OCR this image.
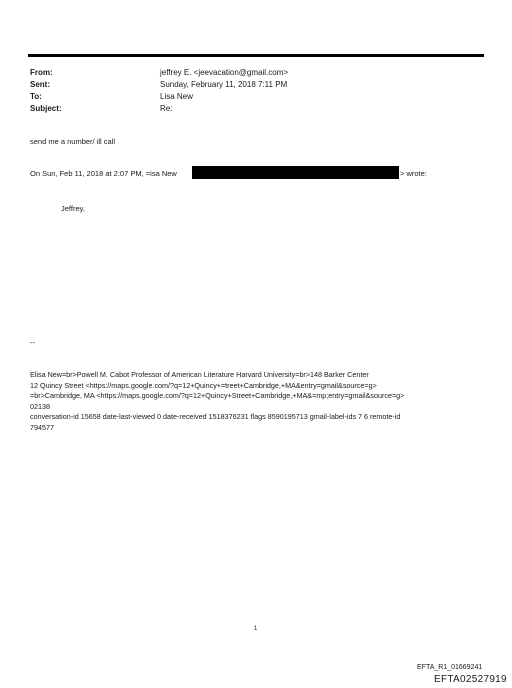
From:	jeffrey E. <jeevacation@gmail.com>
Sent:	Sunday, February 11, 2018 7:11 PM
To:	Lisa New
Subject:	Re:
send me a number/ ill call
On Sun, Feb 11, 2018 at 2:07 PM, =isa New	> wrote:
Jeffrey,
--
Elisa New=br>Powell M. Cabot Professor of American Literature Harvard University=br>148 Barker Center
12 Quincy Street <https://maps.google.com/?q=12+Quincy+=treet+Cambridge,+MA&entry=gmail&source=g>
=br>Cambridge, MA <https://maps.google.com/?q=12+Quincy+Street+Cambridge,+MA&=mp;entry=gmail&source=g>
02138
conversation-id 15658 date-last-viewed 0 date-received 1518376231 flags 8590195713 gmail-label-ids 7 6 remote-id
794577
1
EFTA_R1_01669241
EFTA02527919
